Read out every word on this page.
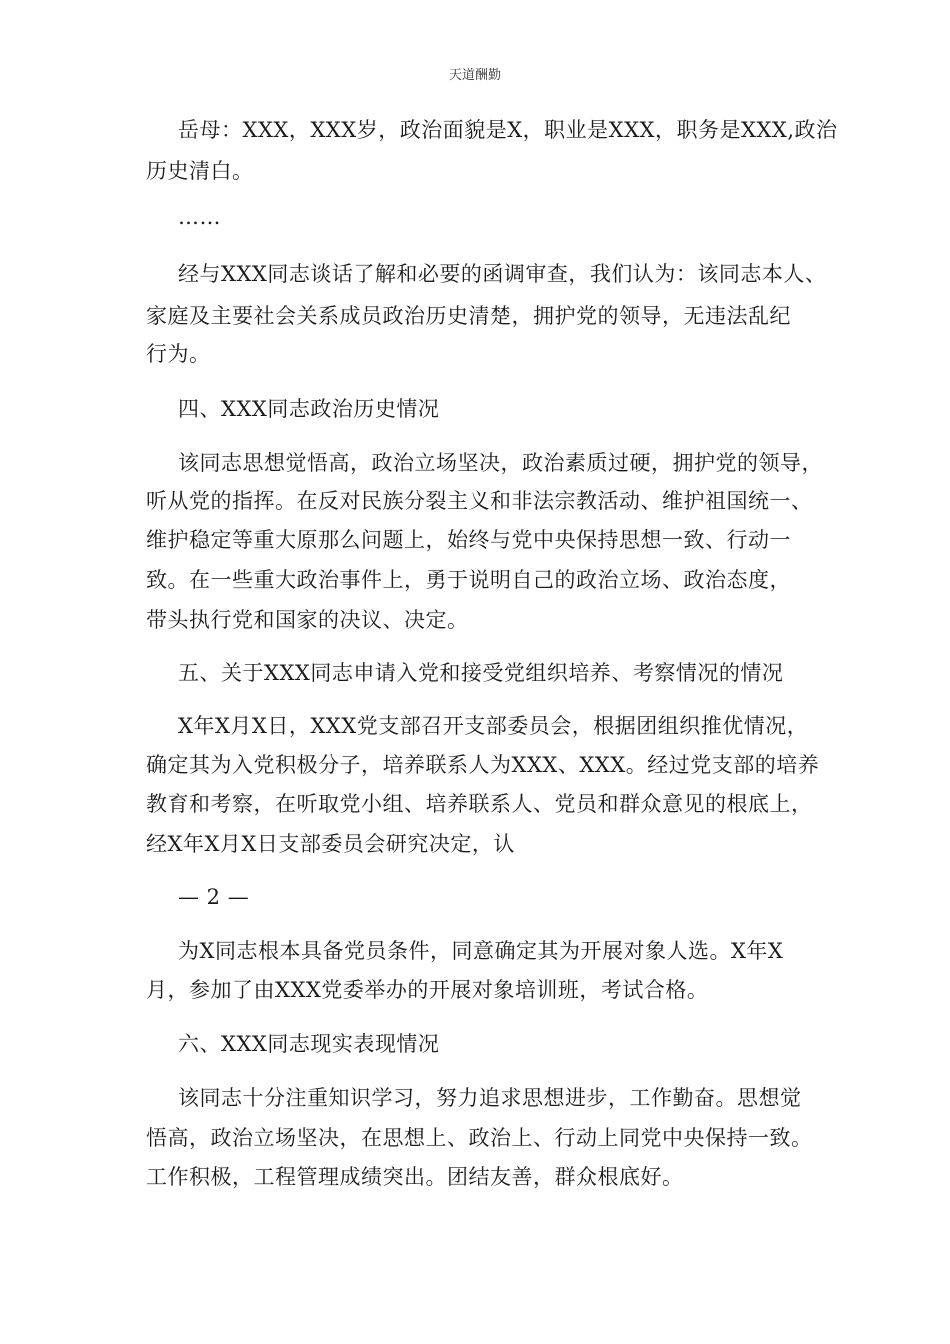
天道酬勤
岳母：XXX，XXX岁，政治面貌是X，职业是XXX，职务是XXX,政治
历史清白。
……
经与XXX同志谈话了解和必要的函调审查，我们认为：该同志本人、
家庭及主要社会关系成员政治历史清楚，拥护党的领导，无违法乱纪
行为。
四、XXX同志政治历史情况
该同志思想觉悟高，政治立场坚决，政治素质过硬，拥护党的领导，
听从党的指挥。在反对民族分裂主义和非法宗教活动、维护祖国统一、
维护稳定等重大原那么问题上，始终与党中央保持思想一致、行动一
致。在一些重大政治事件上，勇于说明自己的政治立场、政治态度，
带头执行党和国家的决议、决定。
五、关于XXX同志申请入党和接受党组织培养、考察情况的情况
X年X月X日，XXX党支部召开支部委员会，根据团组织推优情况，
确定其为入党积极分子，培养联系人为XXX、XXX。经过党支部的培养
教育和考察，在听取党小组、培养联系人、党员和群众意见的根底上，
经X年X月X日支部委员会研究决定，认
— 2 —
为X同志根本具备党员条件，同意确定其为开展对象人选。X年X
月，参加了由XXX党委举办的开展对象培训班，考试合格。
六、XXX同志现实表现情况
该同志十分注重知识学习，努力追求思想进步，工作勤奋。思想觉
悟高，政治立场坚决，在思想上、政治上、行动上同党中央保持一致。
工作积极，工程管理成绩突出。团结友善，群众根底好。
